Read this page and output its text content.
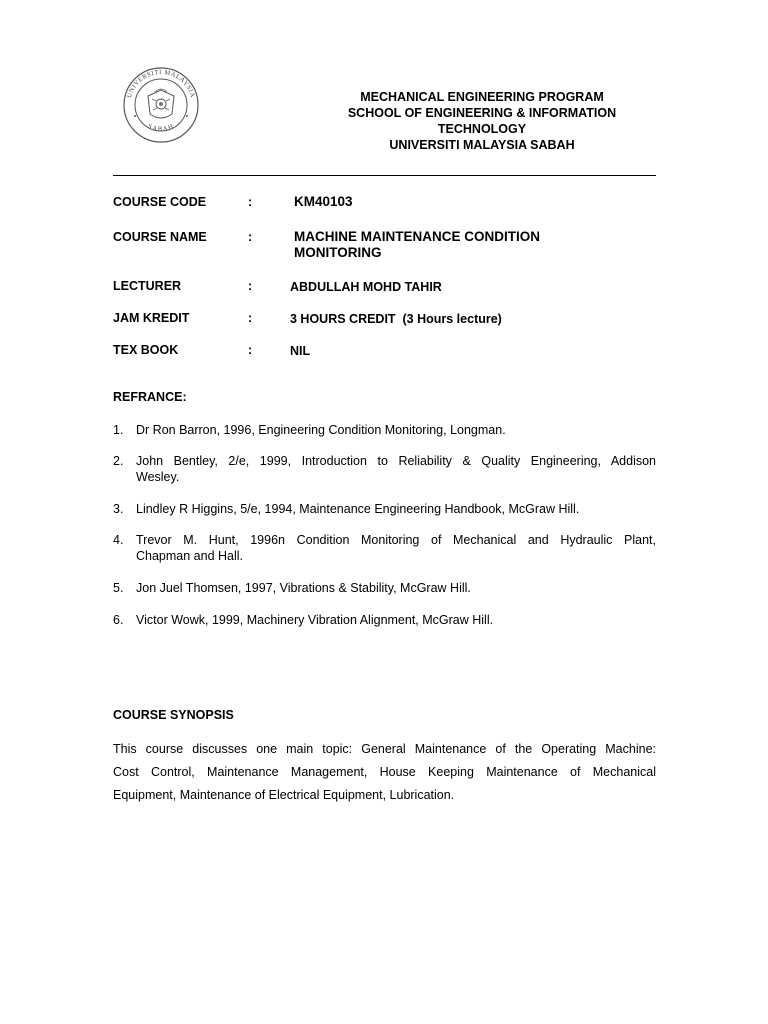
UNIVERSITI MALAYSIA
SABAH
MECHANICAL ENGINEERING PROGRAM
SCHOOL OF ENGINEERING & INFORMATION
TECHNOLOGY
UNIVERSITI MALAYSIA SABAH
COURSE CODE	:	KM40103
COURSE NAME	:	MACHINE MAINTENANCE CONDITION
MONITORING
LECTURER	:	ABDULLAH MOHD TAHIR
JAM KREDIT	:	3 HOURS CREDIT  (3 Hours lecture)
TEX BOOK	:	NIL
REFRANCE:
1. Dr Ron Barron, 1996, Engineering Condition Monitoring, Longman.
2. John Bentley, 2/e, 1999, Introduction to Reliability & Quality Engineering, Addison
Wesley.
3. Lindley R Higgins, 5/e, 1994, Maintenance Engineering Handbook, McGraw Hill.
4. Trevor M. Hunt, 1996n Condition Monitoring of Mechanical and Hydraulic Plant,
Chapman and Hall.
5. Jon Juel Thomsen, 1997, Vibrations & Stability, McGraw Hill.
6. Victor Wowk, 1999, Machinery Vibration Alignment, McGraw Hill.
COURSE SYNOPSIS
This course discusses one main topic: General Maintenance of the Operating Machine:
Cost Control, Maintenance Management, House Keeping Maintenance of Mechanical
Equipment, Maintenance of Electrical Equipment, Lubrication.
